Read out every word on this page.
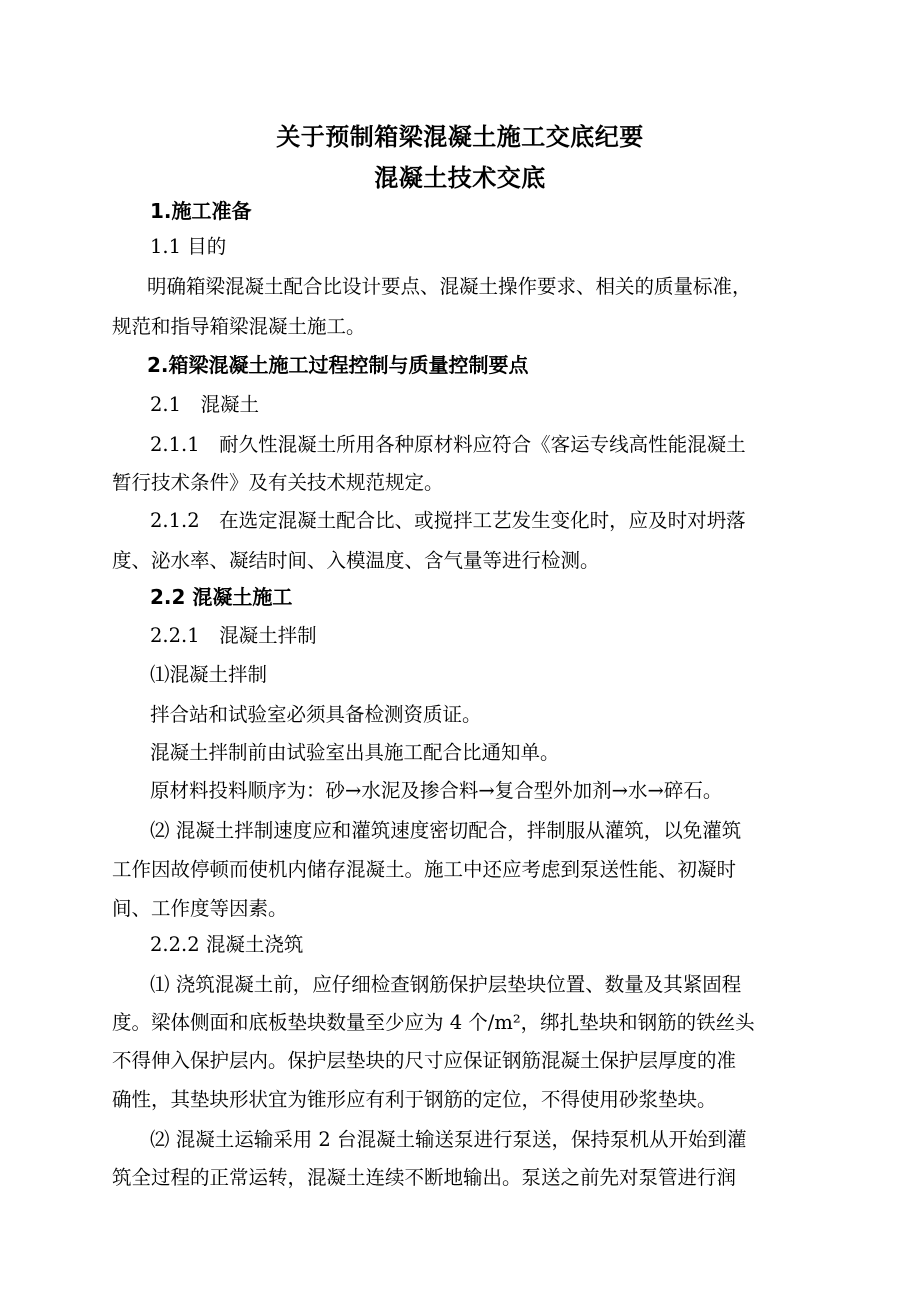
关于预制箱梁混凝土施工交底纪要
混凝土技术交底
1.施工准备
1.1 目的
明确箱梁混凝土配合比设计要点、混凝土操作要求、相关的质量标准，
规范和指导箱梁混凝土施工。
2.箱梁混凝土施工过程控制与质量控制要点
2.1　混凝土
2.1.1　耐久性混凝土所用各种原材料应符合《客运专线高性能混凝土
暂行技术条件》及有关技术规范规定。
2.1.2　在选定混凝土配合比、或搅拌工艺发生变化时，应及时对坍落
度、泌水率、凝结时间、入模温度、含气量等进行检测。
2.2 混凝土施工
2.2.1　混凝土拌制
⑴混凝土拌制
拌合站和试验室必须具备检测资质证。
混凝土拌制前由试验室出具施工配合比通知单。
原材料投料顺序为：砂→水泥及掺合料→复合型外加剂→水→碎石。
⑵ 混凝土拌制速度应和灌筑速度密切配合，拌制服从灌筑，以免灌筑
工作因故停顿而使机内储存混凝土。施工中还应考虑到泵送性能、初凝时
间、工作度等因素。
2.2.2 混凝土浇筑
⑴ 浇筑混凝土前，应仔细检查钢筋保护层垫块位置、数量及其紧固程
度。梁体侧面和底板垫块数量至少应为 4 个/m²，绑扎垫块和钢筋的铁丝头
不得伸入保护层内。保护层垫块的尺寸应保证钢筋混凝土保护层厚度的准
确性，其垫块形状宜为锥形应有利于钢筋的定位，不得使用砂浆垫块。
⑵ 混凝土运输采用 2 台混凝土输送泵进行泵送，保持泵机从开始到灌
筑全过程的正常运转，混凝土连续不断地输出。泵送之前先对泵管进行润
